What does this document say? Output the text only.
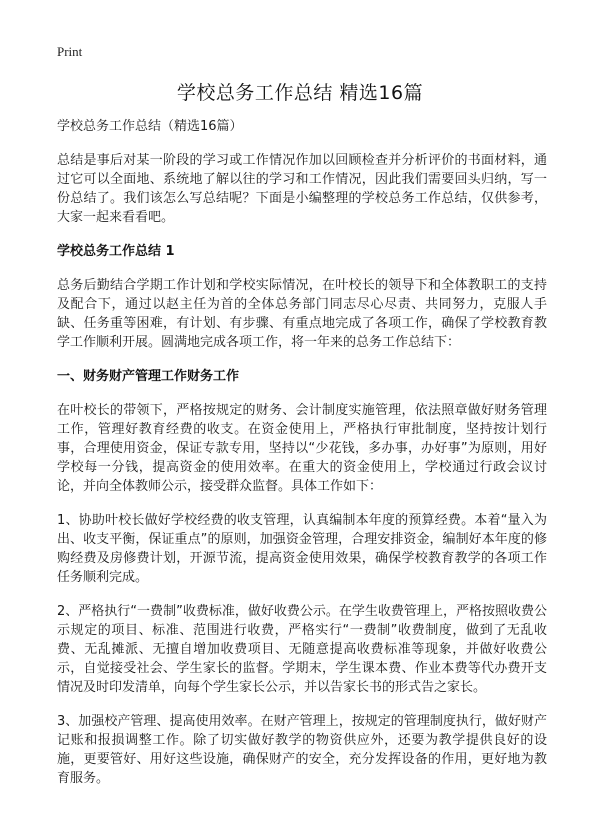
Print
学校总务工作总结 精选16篇

学校总务工作总结（精选16篇）

总结是事后对某一阶段的学习或工作情况作加以回顾检查并分析评价的书面材料，通过它可以全面地、系统地了解以往的学习和工作情况，因此我们需要回头归纳，写一份总结了。我们该怎么写总结呢？下面是小编整理的学校总务工作总结，仅供参考，大家一起来看看吧。

学校总务工作总结 1

总务后勤结合学期工作计划和学校实际情况，在叶校长的领导下和全体教职工的支持及配合下，通过以赵主任为首的全体总务部门同志尽心尽责、共同努力，克服人手缺、任务重等困难，有计划、有步骤、有重点地完成了各项工作，确保了学校教育教学工作顺利开展。圆满地完成各项工作，将一年来的总务工作总结下：

一、财务财产管理工作财务工作

在叶校长的带领下，严格按规定的财务、会计制度实施管理，依法照章做好财务管理工作，管理好教育经费的收支。在资金使用上，严格执行审批制度，坚持按计划行事，合理使用资金，保证专款专用，坚持以“少花钱，多办事，办好事”为原则，用好学校每一分钱，提高资金的使用效率。在重大的资金使用上，学校通过行政会议讨论，并向全体教师公示，接受群众监督。具体工作如下：

1、协助叶校长做好学校经费的收支管理，认真编制本年度的预算经费。本着“量入为出、收支平衡，保证重点”的原则，加强资金管理，合理安排资金，编制好本年度的修购经费及房修费计划，开源节流，提高资金使用效果，确保学校教育教学的各项工作任务顺利完成。

2、严格执行“一费制”收费标准，做好收费公示。在学生收费管理上，严格按照收费公示规定的项目、标准、范围进行收费，严格实行“一费制”收费制度，做到了无乱收费、无乱摊派、无擅自增加收费项目、无随意提高收费标准等现象，并做好收费公示，自觉接受社会、学生家长的监督。学期末，学生课本费、作业本费等代办费开支情况及时印发清单，向每个学生家长公示，并以告家长书的形式告之家长。

3、加强校产管理、提高使用效率。在财产管理上，按规定的管理制度执行，做好财产记账和报损调整工作。除了切实做好教学的物资供应外，还要为教学提供良好的设施，更要管好、用好这些设施，确保财产的安全，充分发挥设备的作用，更好地为教育服务。
